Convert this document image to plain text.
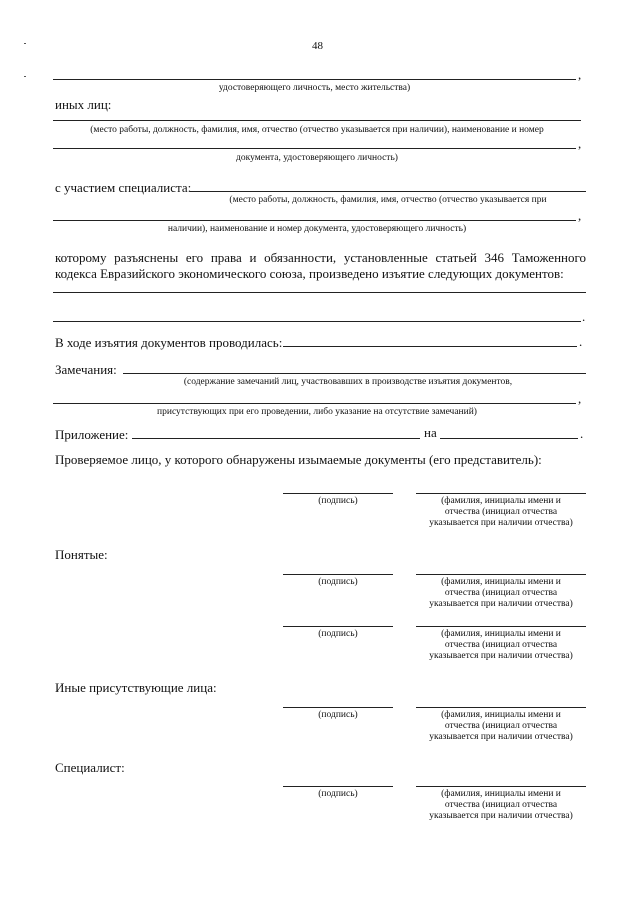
48
,
удостоверяющего личность, место жительства)
иных лиц:
(место работы, должность, фамилия, имя, отчество (отчество указывается при наличии), наименование и номер
,
документа, удостоверяющего личность)
с участием специалиста:
(место работы, должность, фамилия, имя, отчество (отчество указывается при
,
наличии), наименование и номер документа, удостоверяющего личность)
которому разъяснены его права и обязанности, установленные статьей 346 Таможенного
кодекса Евразийского экономического союза, произведено изъятие следующих документов:
.
В ходе изъятия документов проводилась:	.
Замечания:
(содержание замечаний лиц, участвовавших в производстве изъятия документов,
,
присутствующих при его проведении, либо указание на отсутствие замечаний)
Приложение:	на	.
Проверяемое лицо, у которого обнаружены изымаемые документы (его представитель):
(подпись)	(фамилия, инициалы имени и
отчества (инициал отчества
указывается при наличии отчества)
Понятые:
(подпись)	(фамилия, инициалы имени и
отчества (инициал отчества
указывается при наличии отчества)
(подпись)	(фамилия, инициалы имени и
отчества (инициал отчества
указывается при наличии отчества)
Иные присутствующие лица:
(подпись)	(фамилия, инициалы имени и
отчества (инициал отчества
указывается при наличии отчества)
Специалист:
(подпись)	(фамилия, инициалы имени и
отчества (инициал отчества
указывается при наличии отчества)
